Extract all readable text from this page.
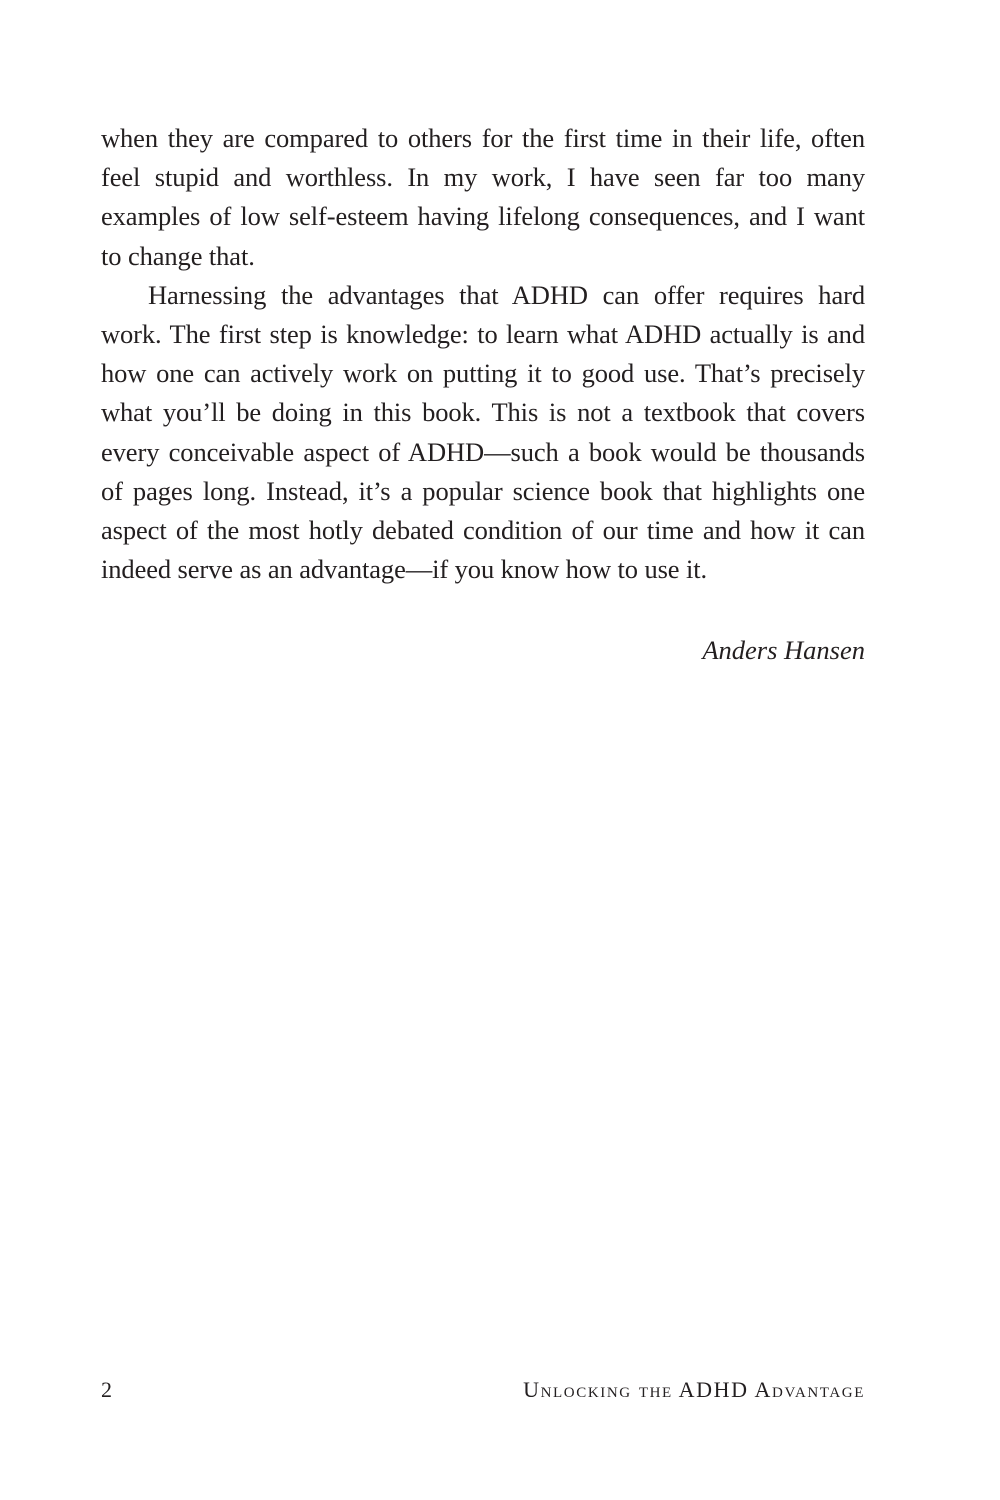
when they are compared to others for the first time in their life, often feel stupid and worthless. In my work, I have seen far too many examples of low self-esteem having lifelong consequences, and I want to change that.

Harnessing the advantages that ADHD can offer requires hard work. The first step is knowledge: to learn what ADHD actually is and how one can actively work on putting it to good use. That’s precisely what you’ll be doing in this book. This is not a textbook that covers every conceivable aspect of ADHD—such a book would be thousands of pages long. Instead, it’s a popular science book that highlights one aspect of the most hotly debated condition of our time and how it can indeed serve as an advantage—if you know how to use it.

Anders Hansen

2	Unlocking the ADHD Advantage
